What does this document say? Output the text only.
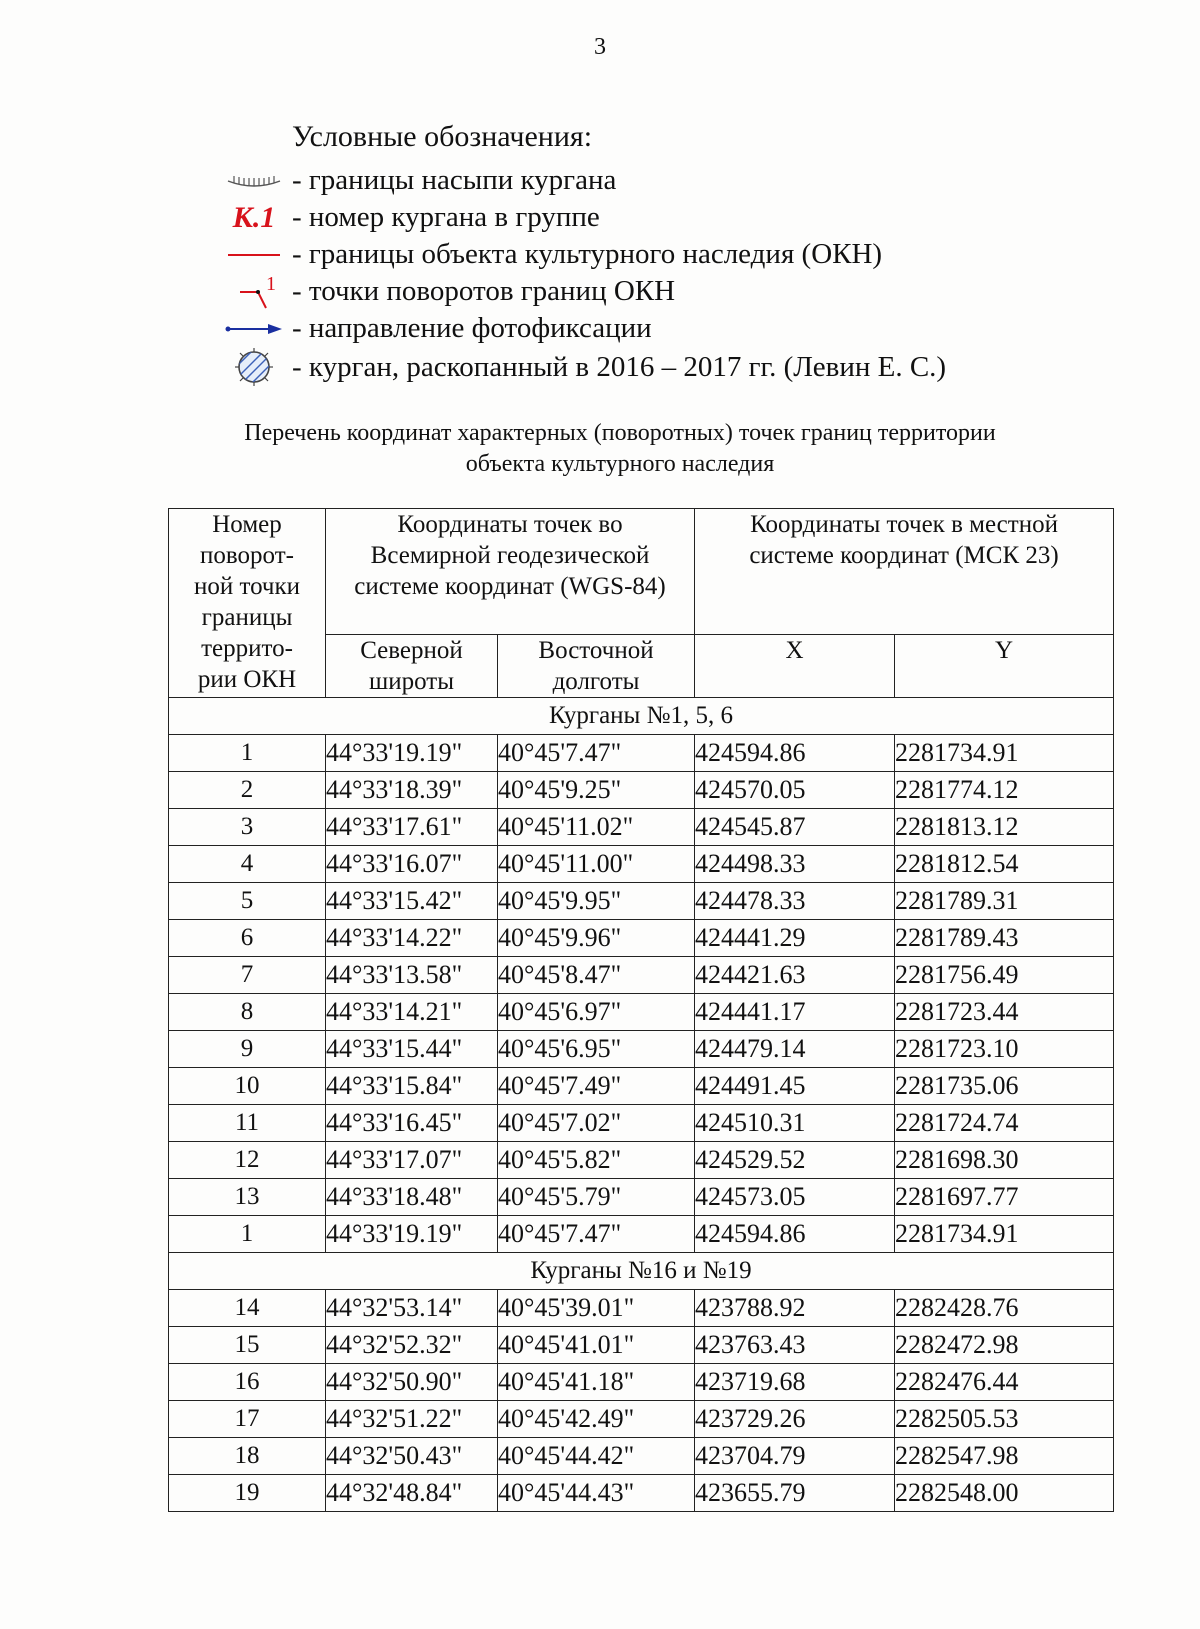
3
Условные обозначения:
- границы насыпи кургана
К.1 - номер кургана в группе
- границы объекта культурного наследия (ОКН)
1 - точки поворотов границ ОКН
- направление фотофиксации
- курган, раскопанный в 2016 – 2017 гг. (Левин Е. С.)
Перечень координат характерных (поворотных) точек границ территории
объекта культурного наследия
Номер поворот-ной точки границы террито-рии ОКН	Координаты точек во Всемирной геодезической системе координат (WGS-84)		Координаты точек в местной системе координат (МСК 23)	
	Северной широты	Восточной долготы	X	Y
Курганы №1, 5, 6				
1	44°33'19.19"	40°45'7.47"	424594.86	2281734.91
2	44°33'18.39"	40°45'9.25"	424570.05	2281774.12
3	44°33'17.61"	40°45'11.02"	424545.87	2281813.12
4	44°33'16.07"	40°45'11.00"	424498.33	2281812.54
5	44°33'15.42"	40°45'9.95"	424478.33	2281789.31
6	44°33'14.22"	40°45'9.96"	424441.29	2281789.43
7	44°33'13.58"	40°45'8.47"	424421.63	2281756.49
8	44°33'14.21"	40°45'6.97"	424441.17	2281723.44
9	44°33'15.44"	40°45'6.95"	424479.14	2281723.10
10	44°33'15.84"	40°45'7.49"	424491.45	2281735.06
11	44°33'16.45"	40°45'7.02"	424510.31	2281724.74
12	44°33'17.07"	40°45'5.82"	424529.52	2281698.30
13	44°33'18.48"	40°45'5.79"	424573.05	2281697.77
1	44°33'19.19"	40°45'7.47"	424594.86	2281734.91
Курганы №16 и №19				
14	44°32'53.14"	40°45'39.01"	423788.92	2282428.76
15	44°32'52.32"	40°45'41.01"	423763.43	2282472.98
16	44°32'50.90"	40°45'41.18"	423719.68	2282476.44
17	44°32'51.22"	40°45'42.49"	423729.26	2282505.53
18	44°32'50.43"	40°45'44.42"	423704.79	2282547.98
19	44°32'48.84"	40°45'44.43"	423655.79	2282548.00
